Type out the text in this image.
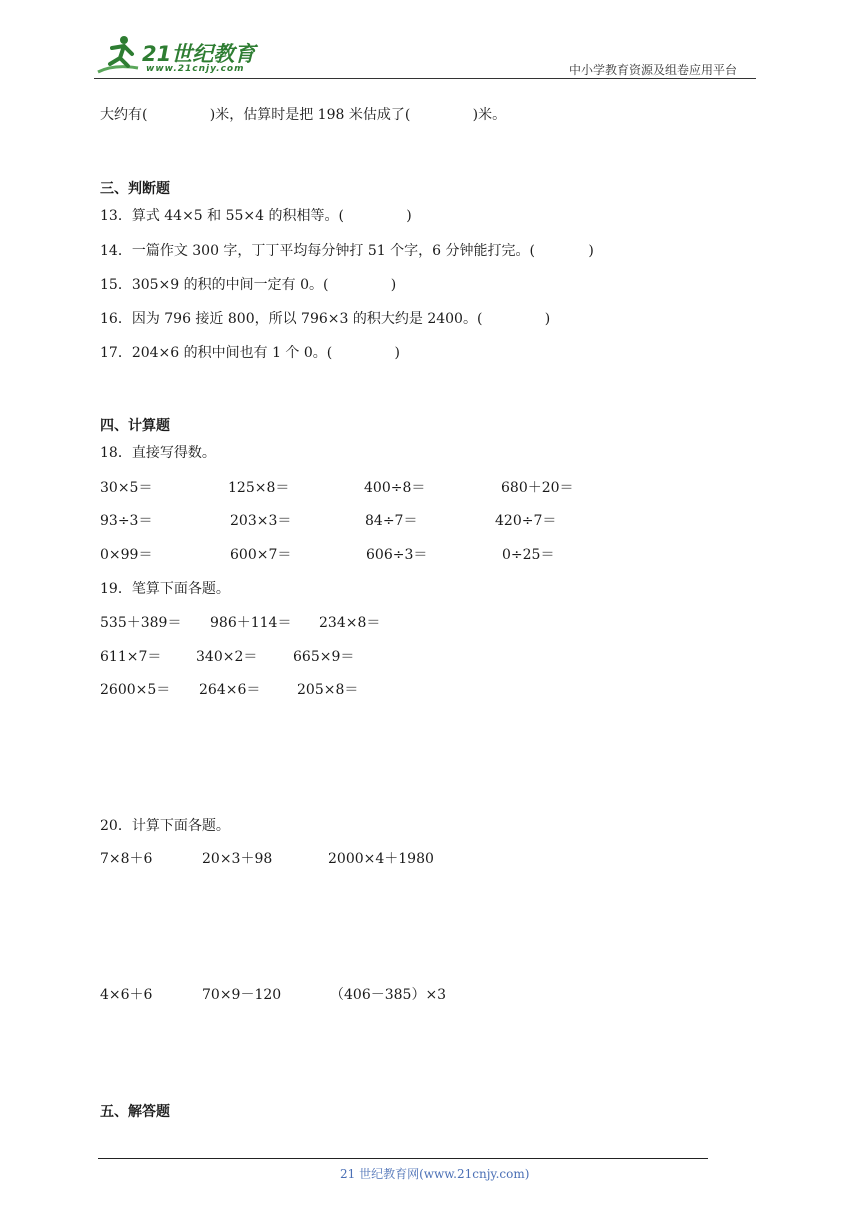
21世纪教育
www.21cnjy.com	中小学教育资源及组卷应用平台
大约有(              )米，估算时是把 198 米估成了(              )米。
三、判断题
13．算式 44×5 和 55×4 的积相等。(              )
14．一篇作文 300 字，丁丁平均每分钟打 51 个字，6 分钟能打完。(            )
15．305×9 的积的中间一定有 0。(              )
16．因为 796 接近 800，所以 796×3 的积大约是 2400。(              )
17．204×6 的积中间也有 1 个 0。(              )
四、计算题
18．直接写得数。
30×5＝	125×8＝	400÷8＝	680＋20＝
93÷3＝	203×3＝	84÷7＝	420÷7＝
0×99＝	600×7＝	606÷3＝	0÷25＝
19．笔算下面各题。
535＋389＝ 986＋114＝ 234×8＝
611×7＝ 340×2＝	665×9＝
2600×5＝ 264×6＝	205×8＝
20．计算下面各题。
7×8＋6	20×3＋98	2000×4＋1980
4×6＋6	70×9－120	（406－385）×3
五、解答题
21 世纪教育网(www.21cnjy.com)
